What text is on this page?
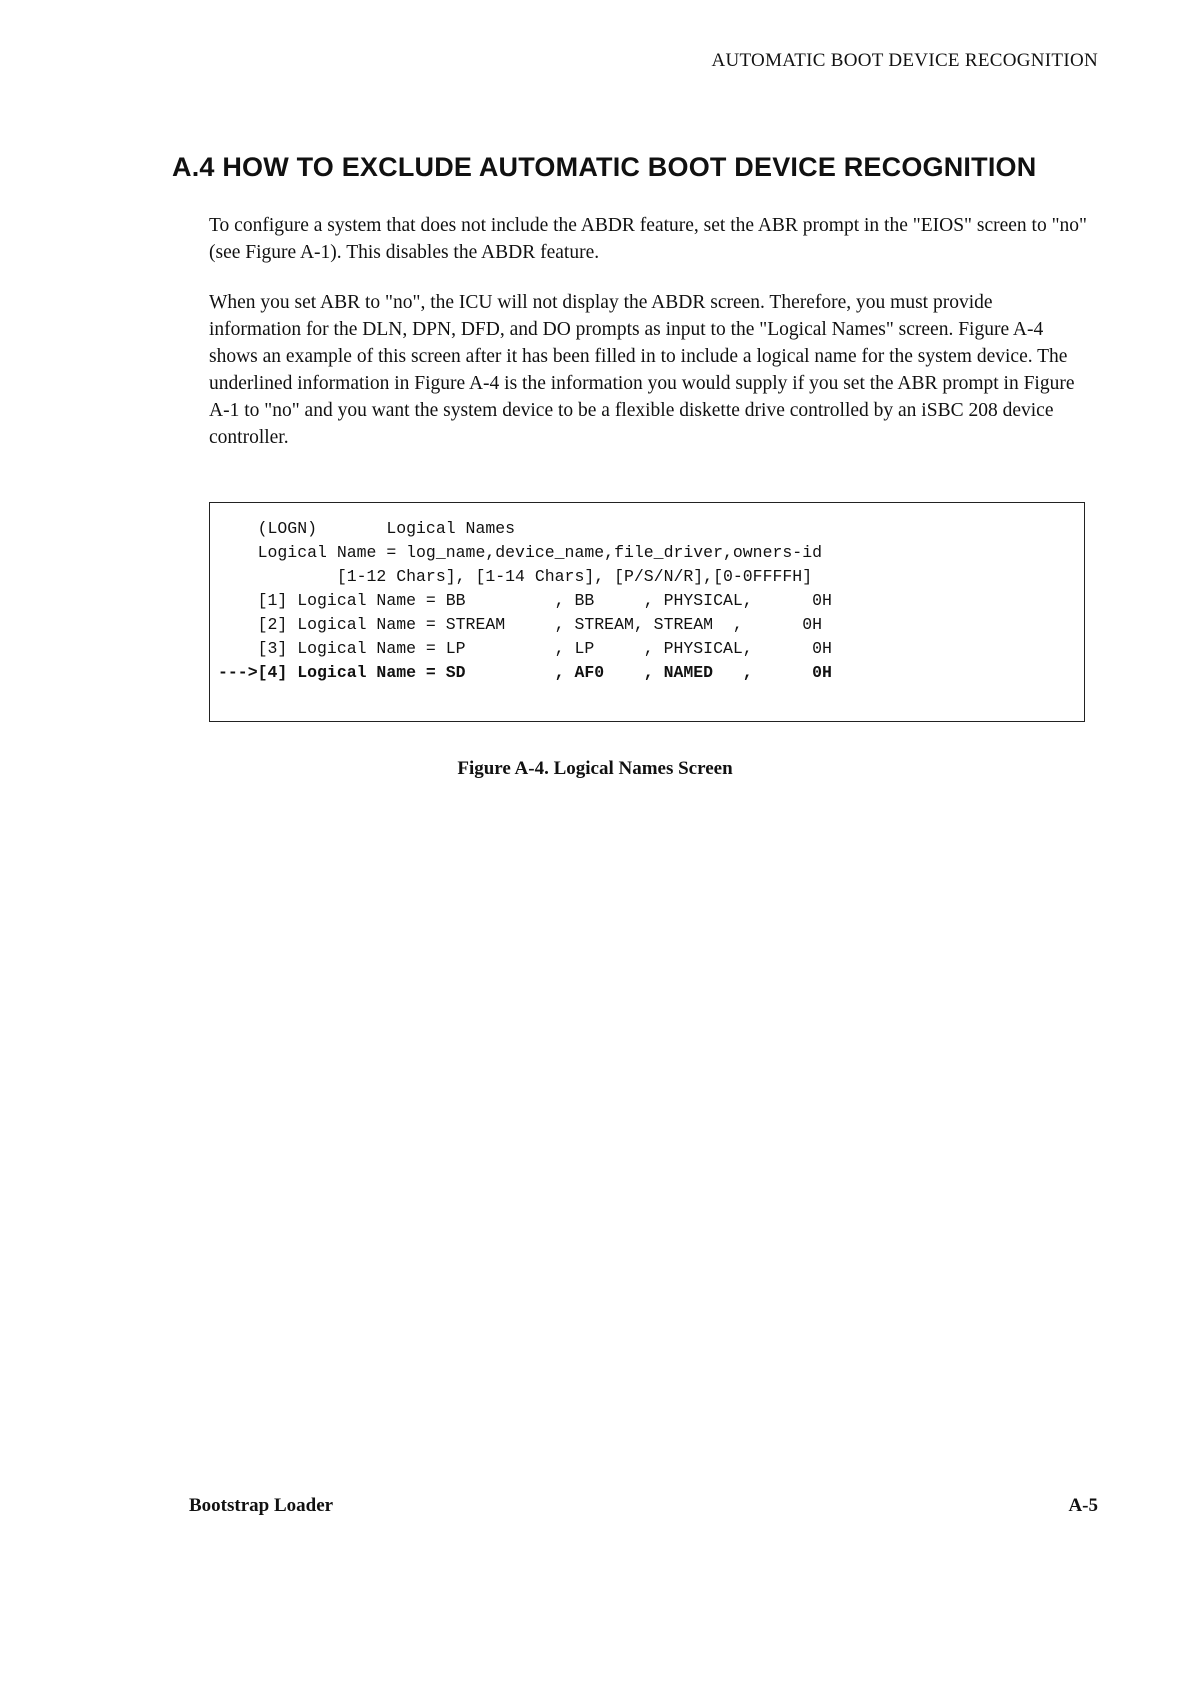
AUTOMATIC BOOT DEVICE RECOGNITION
A.4 HOW TO EXCLUDE AUTOMATIC BOOT DEVICE RECOGNITION

To configure a system that does not include the ABDR feature, set the ABR prompt in the "EIOS" screen to "no" (see Figure A-1). This disables the ABDR feature.

When you set ABR to "no", the ICU will not display the ABDR screen. Therefore, you must provide information for the DLN, DPN, DFD, and DO prompts as input to the "Logical Names" screen. Figure A-4 shows an example of this screen after it has been filled in to include a logical name for the system device. The underlined information in Figure A-4 is the information you would supply if you set the ABR prompt in Figure A-1 to "no" and you want the system device to be a flexible diskette drive controlled by an iSBC 208 device controller.

(LOGN)       Logical Names
Logical Name = log_name,device_name,file_driver,owners-id
[1-12 Chars], [1-14 Chars], [P/S/N/R],[0-0FFFFH]
[1] Logical Name = BB         , BB     , PHYSICAL,      0H
[2] Logical Name = STREAM     , STREAM, STREAM  ,      0H
[3] Logical Name = LP         , LP     , PHYSICAL,      0H
--->[4] Logical Name = SD         , AF0    , NAMED   ,      0H
Figure A-4. Logical Names Screen
Bootstrap Loader	A-5
